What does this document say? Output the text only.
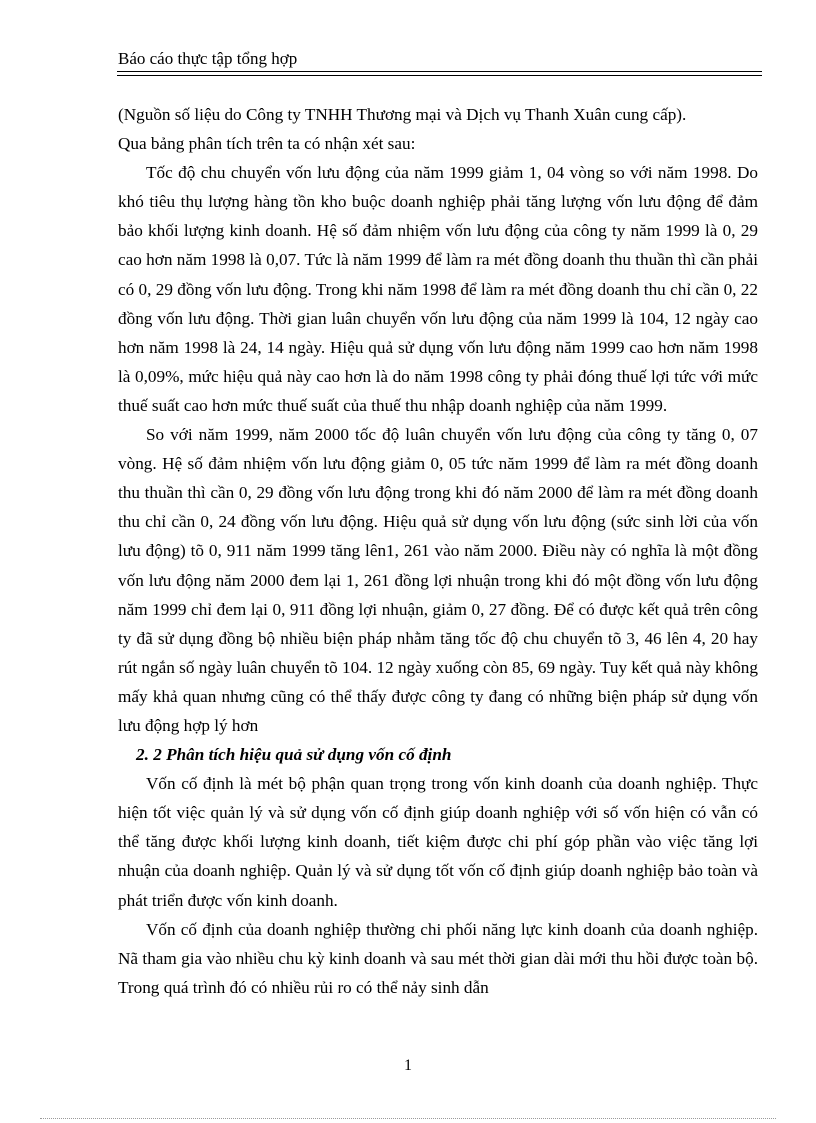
Báo cáo thực tập tổng hợp

(Nguồn số liệu do Công ty TNHH Thương mại và Dịch vụ Thanh Xuân cung cấp).

Qua bảng phân tích trên ta có nhận xét sau:

Tốc độ chu chuyển vốn lưu động của năm 1999 giảm 1, 04 vòng so với năm 1998. Do khó tiêu thụ lượng hàng tồn kho buộc doanh nghiệp phải tăng lượng vốn lưu động để đảm bảo khối lượng kinh doanh. Hệ số đảm nhiệm vốn lưu động của công ty năm 1999 là 0, 29 cao hơn năm 1998 là 0,07. Tức là năm 1999 để làm ra mét đồng doanh thu thuần thì cần phải có 0, 29 đồng vốn lưu động. Trong khi năm 1998 để làm ra mét đồng doanh thu chỉ cần 0, 22 đồng vốn lưu động. Thời gian luân chuyển vốn lưu động của năm 1999 là 104, 12 ngày cao hơn năm 1998 là 24, 14 ngày. Hiệu quả sử dụng vốn lưu động năm 1999 cao hơn năm 1998 là 0,09%, mức hiệu quả này cao hơn là do năm 1998 công ty phải đóng thuế lợi tức với mức thuế suất cao hơn mức thuế suất của thuế thu nhập doanh nghiệp của năm 1999.

So với năm 1999, năm 2000 tốc độ luân chuyển vốn lưu động của công ty tăng 0, 07 vòng. Hệ số đảm nhiệm vốn lưu động giảm 0, 05 tức năm 1999 để làm ra mét đồng doanh thu thuần thì cần 0, 29 đồng vốn lưu động trong khi đó năm 2000 để làm ra mét đồng doanh thu chỉ cần 0, 24 đồng vốn lưu động. Hiệu quả sử dụng vốn lưu động (sức sinh lời của vốn lưu động) tõ 0, 911 năm 1999 tăng lên1, 261 vào năm 2000. Điều này có nghĩa là một đồng vốn lưu động năm 2000 đem lại 1, 261 đồng lợi nhuận trong khi đó một đồng vốn lưu động năm 1999 chỉ đem lại 0, 911 đồng lợi nhuận, giảm 0, 27 đồng. Để có được kết quả trên công ty đã sử dụng đồng bộ nhiều biện pháp nhằm tăng tốc độ chu chuyển tõ 3, 46 lên 4, 20 hay rút ngắn số ngày luân chuyển tõ 104. 12 ngày xuống còn 85, 69 ngày. Tuy kết quả này không mấy khả quan nhưng cũng có thể thấy được công ty đang có những biện pháp sử dụng vốn lưu động hợp lý hơn

2. 2 Phân tích hiệu quả sử dụng vốn cố định

Vốn cố định là mét bộ phận quan trọng trong vốn kinh doanh của doanh nghiệp. Thực hiện tốt việc quản lý và sử dụng vốn cố định giúp doanh nghiệp với số vốn hiện có vẫn có thể tăng được khối lượng kinh doanh, tiết kiệm được chi phí góp phần vào việc tăng lợi nhuận của doanh nghiệp. Quản lý và sử dụng tốt vốn cố định giúp doanh nghiệp bảo toàn và phát triển được vốn kinh doanh.

Vốn cố định của doanh nghiệp thường chi phối năng lực kinh doanh của doanh nghiệp. Nã tham gia vào nhiều chu kỳ kinh doanh và sau mét thời gian dài mới thu hồi được toàn bộ. Trong quá trình đó có nhiều rủi ro có thể nảy sinh dẫn

1
